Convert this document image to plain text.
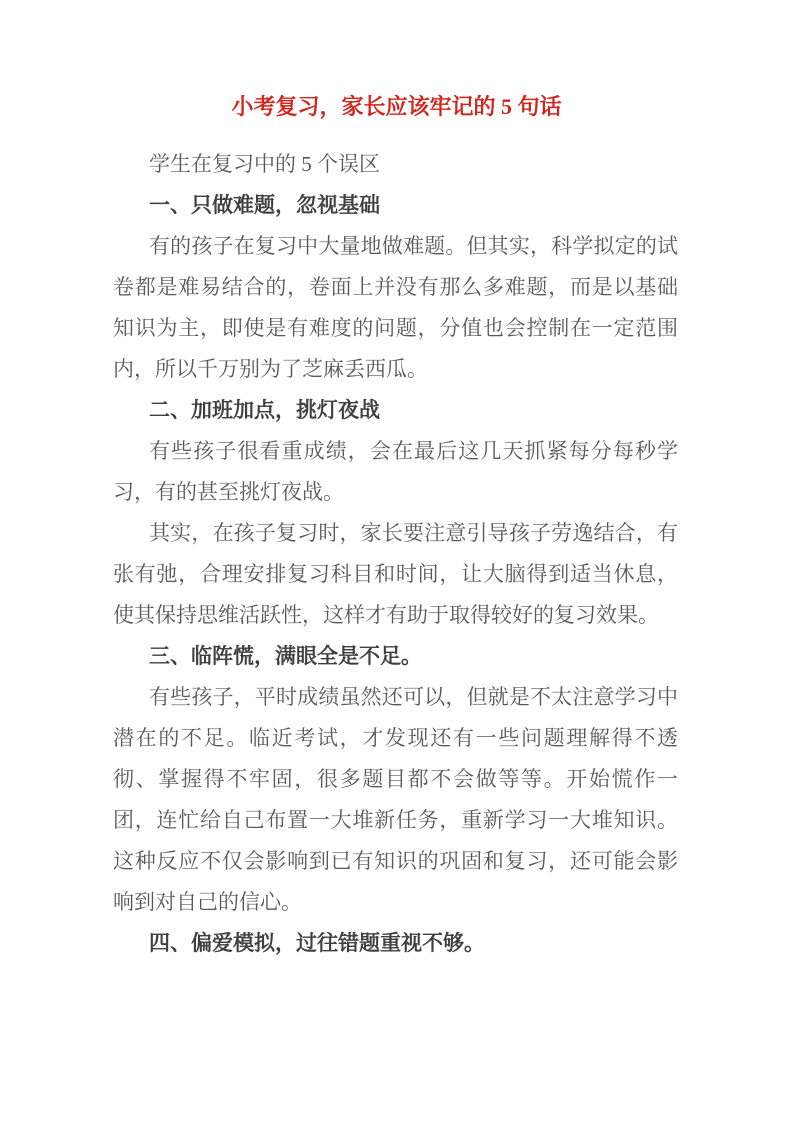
小考复习，家长应该牢记的 5 句话

学生在复习中的 5 个误区

一、只做难题，忽视基础

有的孩子在复习中大量地做难题。但其实，科学拟定的试卷都是难易结合的，卷面上并没有那么多难题，而是以基础知识为主，即使是有难度的问题，分值也会控制在一定范围内，所以千万别为了芝麻丢西瓜。

二、加班加点，挑灯夜战

有些孩子很看重成绩，会在最后这几天抓紧每分每秒学习，有的甚至挑灯夜战。

其实，在孩子复习时，家长要注意引导孩子劳逸结合，有张有弛，合理安排复习科目和时间，让大脑得到适当休息，使其保持思维活跃性，这样才有助于取得较好的复习效果。

三、临阵慌，满眼全是不足。

有些孩子，平时成绩虽然还可以，但就是不太注意学习中潜在的不足。临近考试，才发现还有一些问题理解得不透彻、掌握得不牢固，很多题目都不会做等等。开始慌作一团，连忙给自己布置一大堆新任务，重新学习一大堆知识。这种反应不仅会影响到已有知识的巩固和复习，还可能会影响到对自己的信心。

四、偏爱模拟，过往错题重视不够。
